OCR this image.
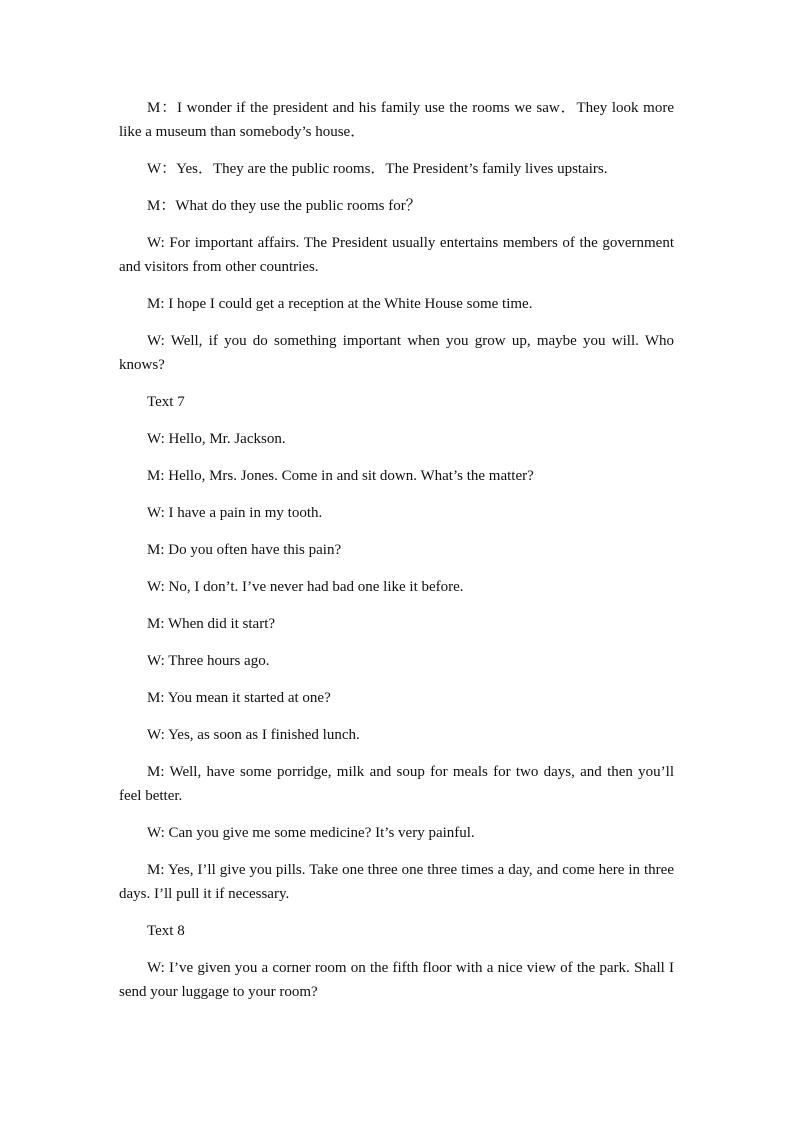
M：I wonder if the president and his family use the rooms we saw．They look more like a museum than somebody’s house．

W：Yes．They are the public rooms．The President’s family lives upstairs.

M：What do they use the public rooms for？

W: For important affairs. The President usually entertains members of the government and visitors from other countries.

M: I hope I could get a reception at the White House some time.

W: Well, if you do something important when you grow up, maybe you will. Who knows?

Text 7

W: Hello, Mr. Jackson.

M: Hello, Mrs. Jones. Come in and sit down. What’s the matter?

W: I have a pain in my tooth.

M: Do you often have this pain?

W: No, I don’t. I’ve never had bad one like it before.

M: When did it start?

W: Three hours ago.

M: You mean it started at one?

W: Yes, as soon as I finished lunch.

M: Well, have some porridge, milk and soup for meals for two days, and then you’ll feel better.

W: Can you give me some medicine? It’s very painful.

M: Yes, I’ll give you pills. Take one three one three times a day, and come here in three days. I’ll pull it if necessary.

Text 8

W: I’ve given you a corner room on the fifth floor with a nice view of the park. Shall I send your luggage to your room?
